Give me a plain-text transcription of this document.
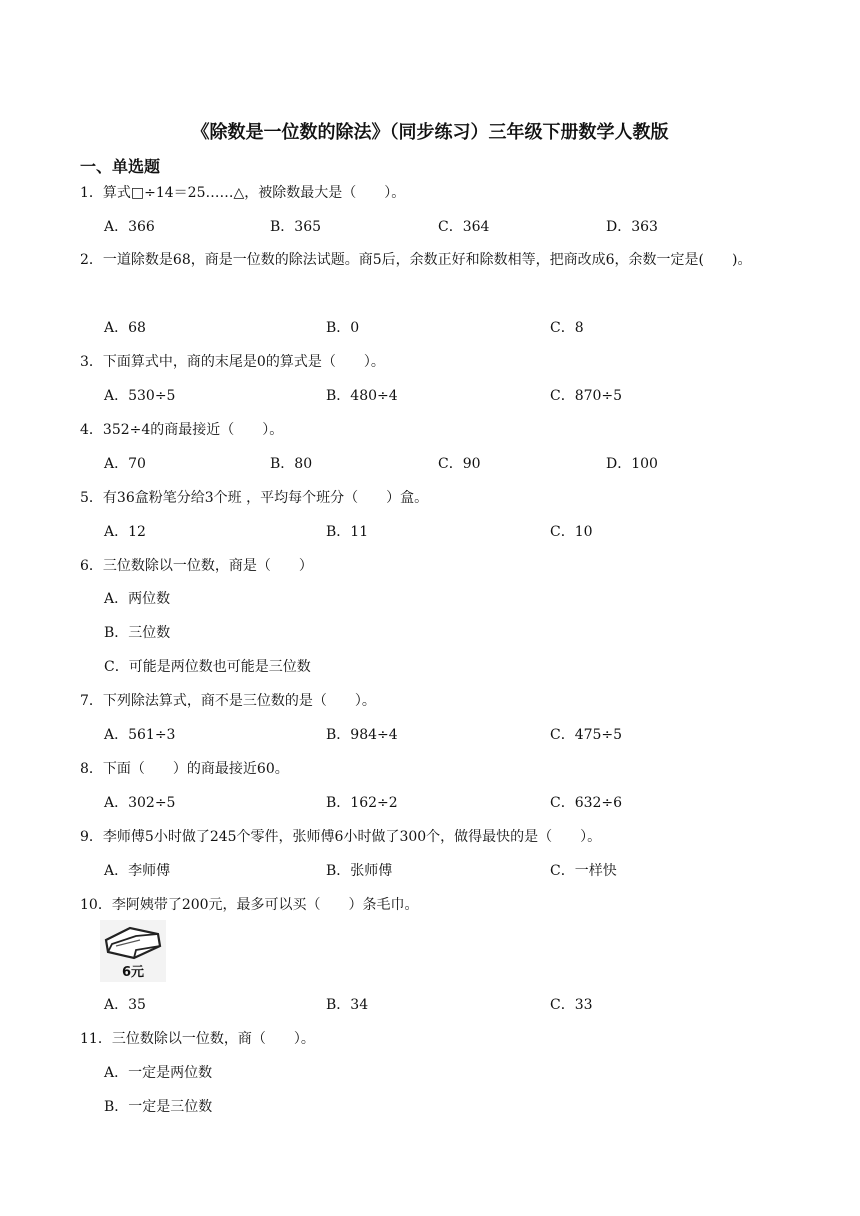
《除数是一位数的除法》（同步练习）三年级下册数学人教版
一、单选题
1．算式□÷14＝25……△，被除数最大是（　　）。
A．366	B．365	C．364	D．363
2．一道除数是68，商是一位数的除法试题。商5后，余数正好和除数相等，把商改成6，余数一定是(　　)。
A．68	B．0	C．8
3．下面算式中，商的末尾是0的算式是（　　）。
A．530÷5	B．480÷4	C．870÷5
4．352÷4的商最接近（　　）。
A．70	B．80	C．90	D．100
5．有36盒粉笔分给3个班 ，平均每个班分（　　）盒。
A．12	B．11	C．10
6．三位数除以一位数，商是（　　）
A．两位数
B．三位数
C．可能是两位数也可能是三位数
7．下列除法算式，商不是三位数的是（　　）。
A．561÷3	B．984÷4	C．475÷5
8．下面（　　）的商最接近60。
A．302÷5	B．162÷2	C．632÷6
9．李师傅5小时做了245个零件，张师傅6小时做了300个，做得最快的是（　　）。
A．李师傅	B．张师傅	C．一样快
10．李阿姨带了200元，最多可以买（　　）条毛巾。
6元
A．35	B．34	C．33
11．三位数除以一位数，商（　　）。
A．一定是两位数
B．一定是三位数
